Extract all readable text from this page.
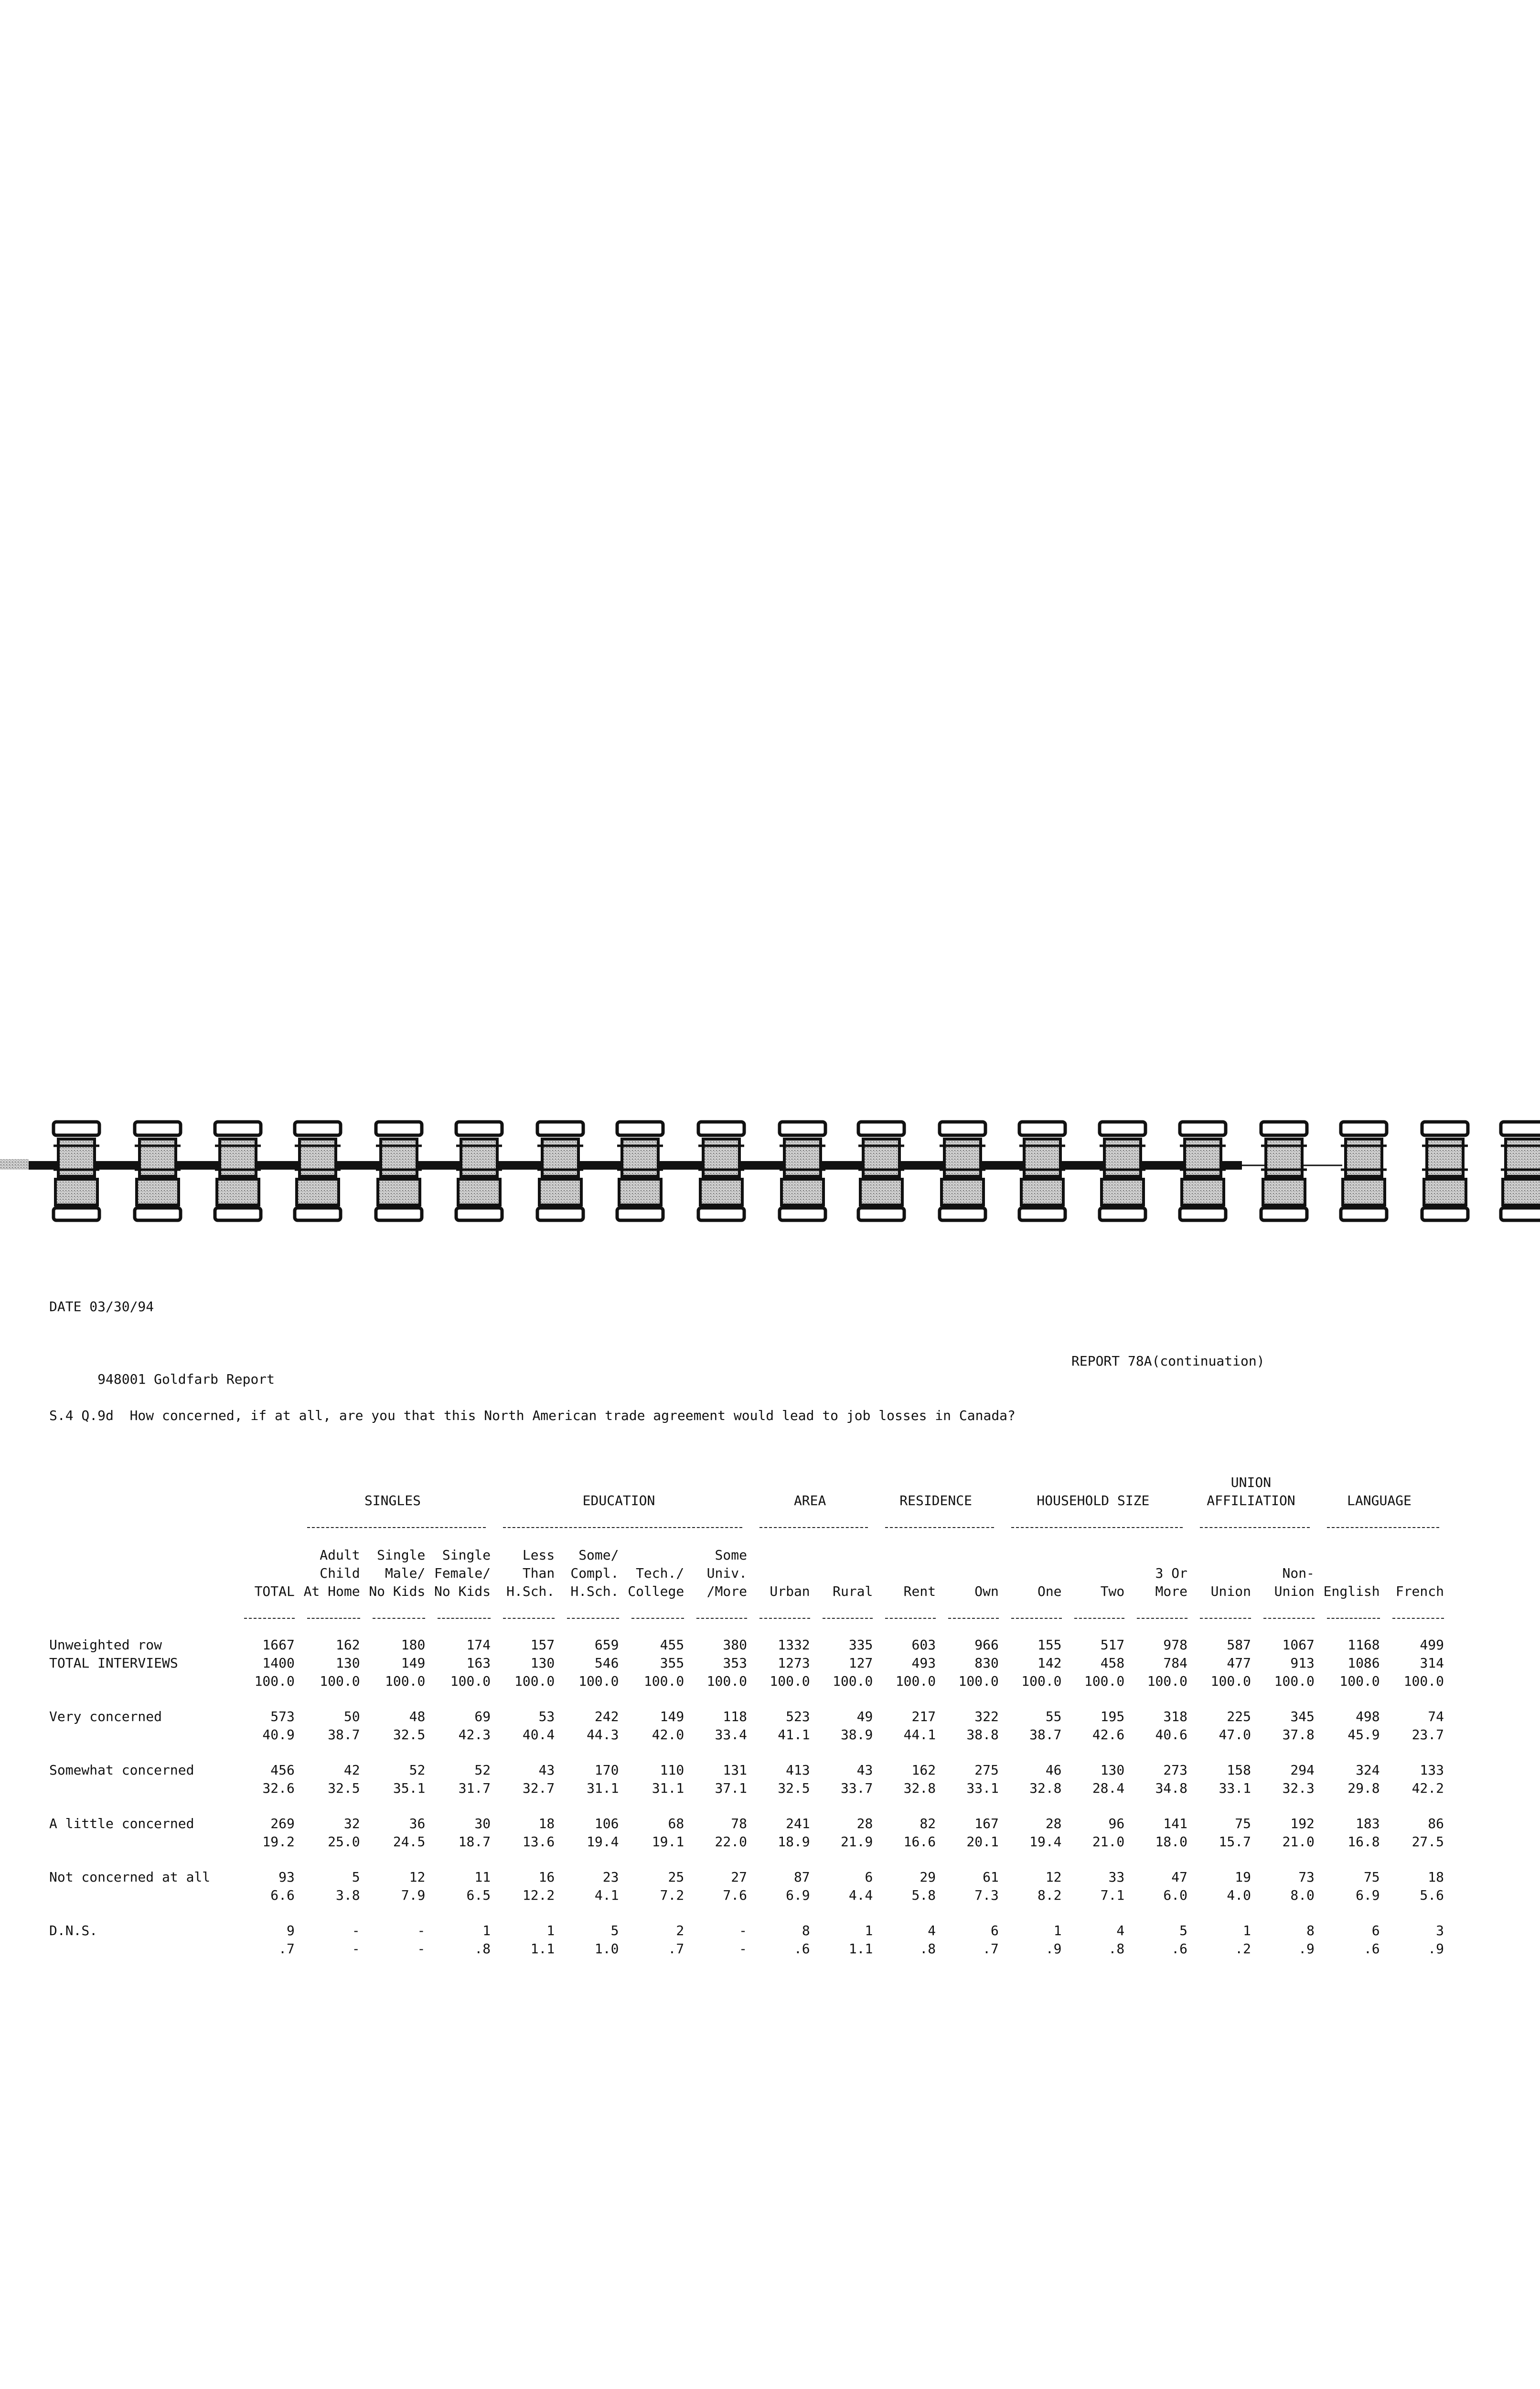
DATE 03/30/94

948001 Goldfarb Report

REPORT 78A(continuation)

S.4 Q.9d  How concerned, if at all, are you that this North American trade agreement would lead to job losses in Canada?

																UNION			
		SINGLES			EDUCATION				AREA		RESIDENCE		HOUSEHOLD SIZE			AFFILIATION		LANGUAGE	

		Adult	Single	Single	Less	Some/		Some											
		Child	Male/	Female/	Than	Compl.	Tech./	Univ.							3 Or		Non-		
	TOTAL	At Home	No Kids	No Kids	H.Sch.	H.Sch.	College	/More	Urban	Rural	Rent	Own	One	Two	More	Union	Union	English	French

Unweighted row	1667	162	180	174	157	659	455	380	1332	335	603	966	155	517	978	587	1067	1168	499
TOTAL INTERVIEWS	1400	130	149	163	130	546	355	353	1273	127	493	830	142	458	784	477	913	1086	314
	100.0	100.0	100.0	100.0	100.0	100.0	100.0	100.0	100.0	100.0	100.0	100.0	100.0	100.0	100.0	100.0	100.0	100.0	100.0

Very concerned	573	50	48	69	53	242	149	118	523	49	217	322	55	195	318	225	345	498	74
	40.9	38.7	32.5	42.3	40.4	44.3	42.0	33.4	41.1	38.9	44.1	38.8	38.7	42.6	40.6	47.0	37.8	45.9	23.7

Somewhat concerned	456	42	52	52	43	170	110	131	413	43	162	275	46	130	273	158	294	324	133
	32.6	32.5	35.1	31.7	32.7	31.1	31.1	37.1	32.5	33.7	32.8	33.1	32.8	28.4	34.8	33.1	32.3	29.8	42.2

A little concerned	269	32	36	30	18	106	68	78	241	28	82	167	28	96	141	75	192	183	86
	19.2	25.0	24.5	18.7	13.6	19.4	19.1	22.0	18.9	21.9	16.6	20.1	19.4	21.0	18.0	15.7	21.0	16.8	27.5

Not concerned at all	93	5	12	11	16	23	25	27	87	6	29	61	12	33	47	19	73	75	18
	6.6	3.8	7.9	6.5	12.2	4.1	7.2	7.6	6.9	4.4	5.8	7.3	8.2	7.1	6.0	4.0	8.0	6.9	5.6

D.N.S.	9	-	-	1	1	5	2	-	8	1	4	6	1	4	5	1	8	6	3
	.7	-	-	.8	1.1	1.0	.7	-	.6	1.1	.8	.7	.9	.8	.6	.2	.9	.6	.9
